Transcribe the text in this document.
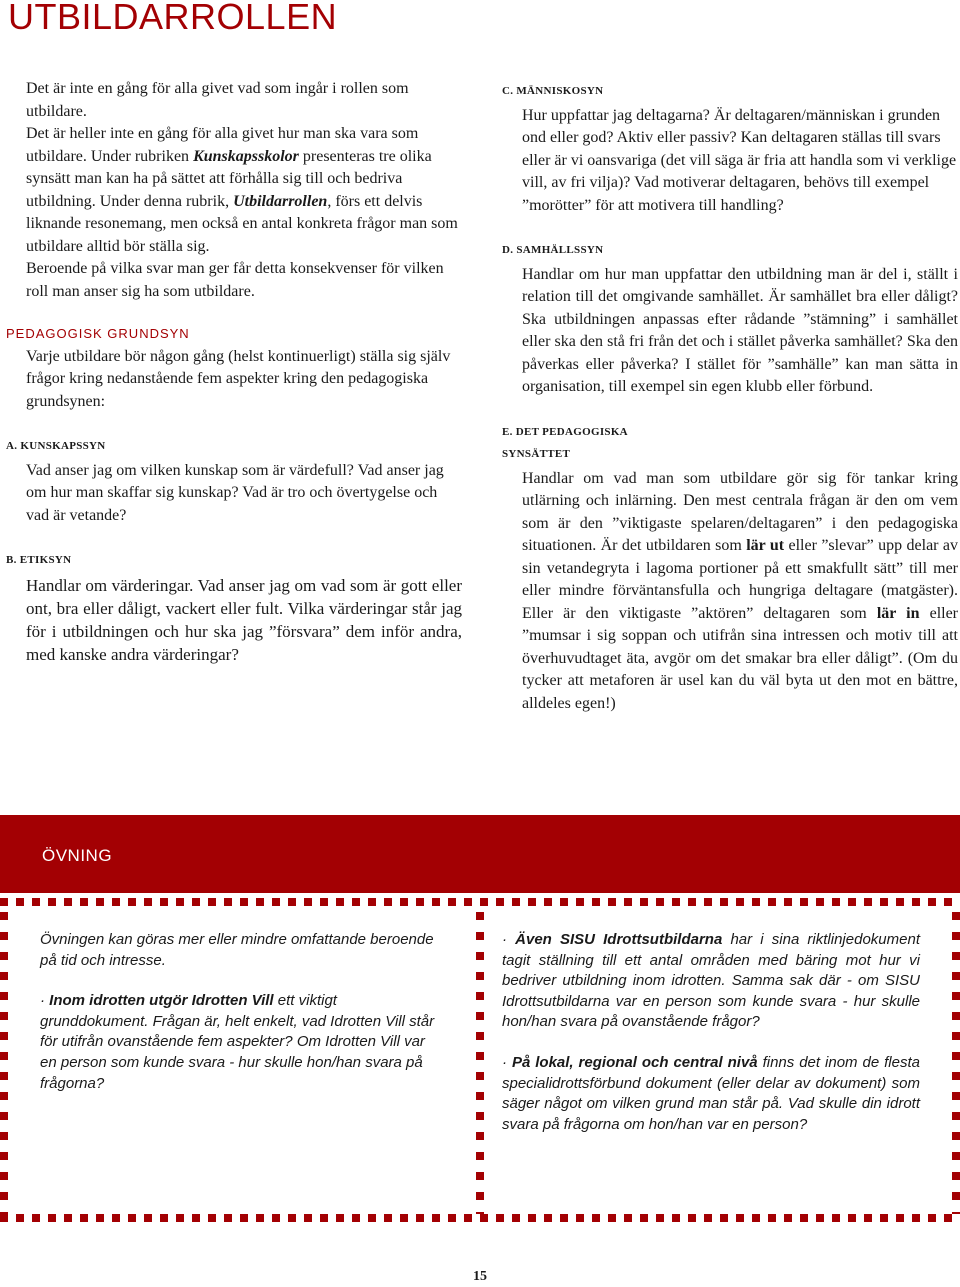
UTBILDARROLLEN

Det är inte en gång för alla givet vad som ingår i rollen som utbildare.

Det är heller inte en gång för alla givet hur man ska vara som utbildare. Under rubriken Kunskapsskolor presenteras tre olika synsätt man kan ha på sättet att förhålla sig till och bedriva utbildning. Under denna rubrik, Utbildarrollen, förs ett delvis liknande resonemang, men också en antal konkreta frågor man som utbildare alltid bör ställa sig.

Beroende på vilka svar man ger får detta konsekvenser för vilken roll man anser sig ha som utbildare.

PEDAGOGISK GRUNDSYN

Varje utbildare bör någon gång (helst kontinuerligt) ställa sig själv frågor kring nedanstående fem aspekter kring den pedagogiska grundsynen:

A. KUNSKAPSSYN

Vad anser jag om vilken kunskap som är värdefull? Vad anser jag om hur man skaffar sig kunskap? Vad är tro och övertygelse och vad är vetande?

B. ETIKSYN

Handlar om värderingar. Vad anser jag om vad som är gott eller ont, bra eller dåligt, vackert eller fult. Vilka värderingar står jag för i utbildningen och hur ska jag ”försvara” dem inför andra, med kanske andra värderingar?

C. MÄNNISKOSYN

Hur uppfattar jag deltagarna? Är deltagaren/människan i grunden ond eller god? Aktiv eller passiv? Kan deltagaren ställas till svars eller är vi oansvariga (det vill säga är fria att handla som vi verklige vill, av fri vilja)? Vad motiverar deltagaren, behövs till exempel ”morötter” för att motivera till handling?

D. SAMHÄLLSSYN

Handlar om hur man uppfattar den utbildning man är del i, ställt i relation till det omgivande samhället. Är samhället bra eller dåligt? Ska utbildningen anpassas efter rådande ”stämning” i samhället eller ska den stå fri från det och i stället påverka samhället? Ska den påverkas eller påverka? I stället för ”samhälle” kan man sätta in organisation, till exempel sin egen klubb eller förbund.

E. DET PEDAGOGISKA

SYNSÄTTET

Handlar om vad man som utbildare gör sig för tankar kring utlärning och inlärning. Den mest centrala frågan är den om vem som är den ”viktigaste spelaren/deltagaren” i den pedagogiska situationen. Är det utbildaren som lär ut eller ”slevar” upp delar av sin vetandegryta i lagoma portioner på ett smakfullt sätt” till mer eller mindre förväntansfulla och hungriga deltagare (matgäster). Eller är den viktigaste ”aktören” deltagaren som lär in eller ”mumsar i sig soppan och utifrån sina intressen och motiv till att överhuvudtaget äta, avgör om det smakar bra eller dåligt”. (Om du tycker att metaforen är usel kan du väl byta ut den mot en bättre, alldeles egen!)

ÖVNING

Övningen kan göras mer eller mindre omfattande beroende på tid och intresse.

· Inom idrotten utgör Idrotten Vill ett viktigt grunddokument. Frågan är, helt enkelt, vad Idrotten Vill står för utifrån ovanstående fem aspekter? Om Idrotten Vill var en person som kunde svara - hur skulle hon/han svara på frågorna?

· Även SISU Idrottsutbildarna har i sina riktlinjedokument tagit ställning till ett antal områden med bäring mot hur vi bedriver utbildning inom idrotten. Samma sak där - om SISU Idrottsutbildarna var en person som kunde svara - hur skulle hon/han svara på ovanstående frågor?

· På lokal, regional och central nivå finns det inom de flesta specialidrottsförbund dokument (eller delar av dokument) som säger något om vilken grund man står på. Vad skulle din idrott svara på frågorna om hon/han var en person?

15
